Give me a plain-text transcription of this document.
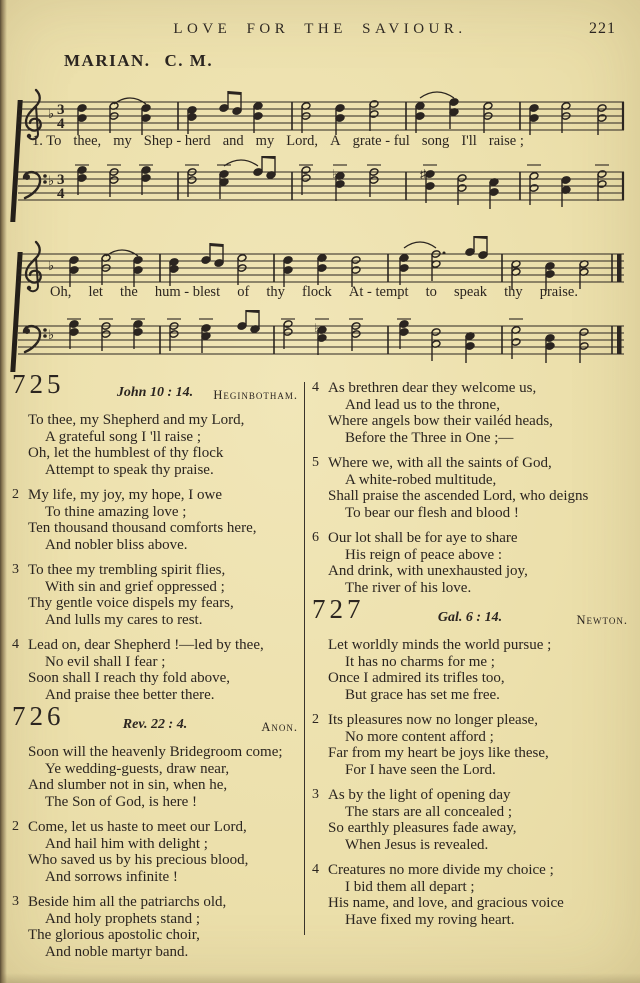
LOVE FOR THE SAVIOUR.	221
MARIAN. C. M.
♭ 3
4
1. To thee, my Shep - herd and my Lord, A grate - ful song I'll raise ;
♭ 3
4
♭	♯
♭
Oh, let the hum - blest of thy flock At - tempt to speak thy praise.
♭	♭
725	John 10 : 14.	Heginbotham.
To thee, my Shepherd and my Lord,
A grateful song I 'll raise ;
Oh, let the humblest of thy flock
Attempt to speak thy praise.
2 My life, my joy, my hope, I owe
To thine amazing love ;
Ten thousand thousand comforts here,
And nobler bliss above.
3 To thee my trembling spirit flies,
With sin and grief oppressed ;
Thy gentle voice dispels my fears,
And lulls my cares to rest.
4 Lead on, dear Shepherd !—led by thee,
No evil shall I fear ;
Soon shall I reach thy fold above,
And praise thee better there.
726	Rev. 22 : 4.	Anon.
Soon will the heavenly Bridegroom come;
Ye wedding-guests, draw near,
And slumber not in sin, when he,
The Son of God, is here !
2 Come, let us haste to meet our Lord,
And hail him with delight ;
Who saved us by his precious blood,
And sorrows infinite !
3 Beside him all the patriarchs old,
And holy prophets stand ;
The glorious apostolic choir,
And noble martyr band.
4 As brethren dear they welcome us,
And lead us to the throne,
Where angels bow their vailéd heads,
Before the Three in One ;—
5 Where we, with all the saints of God,
A white-robed multitude,
Shall praise the ascended Lord, who deigns
To bear our flesh and blood !
6 Our lot shall be for aye to share
His reign of peace above :
And drink, with unexhausted joy,
The river of his love.
727	Gal. 6 : 14.	Newton.
Let worldly minds the world pursue ;
It has no charms for me ;
Once I admired its trifles too,
But grace has set me free.
2 Its pleasures now no longer please,
No more content afford ;
Far from my heart be joys like these,
For I have seen the Lord.
3 As by the light of opening day
The stars are all concealed ;
So earthly pleasures fade away,
When Jesus is revealed.
4 Creatures no more divide my choice ;
I bid them all depart ;
His name, and love, and gracious voice
Have fixed my roving heart.
